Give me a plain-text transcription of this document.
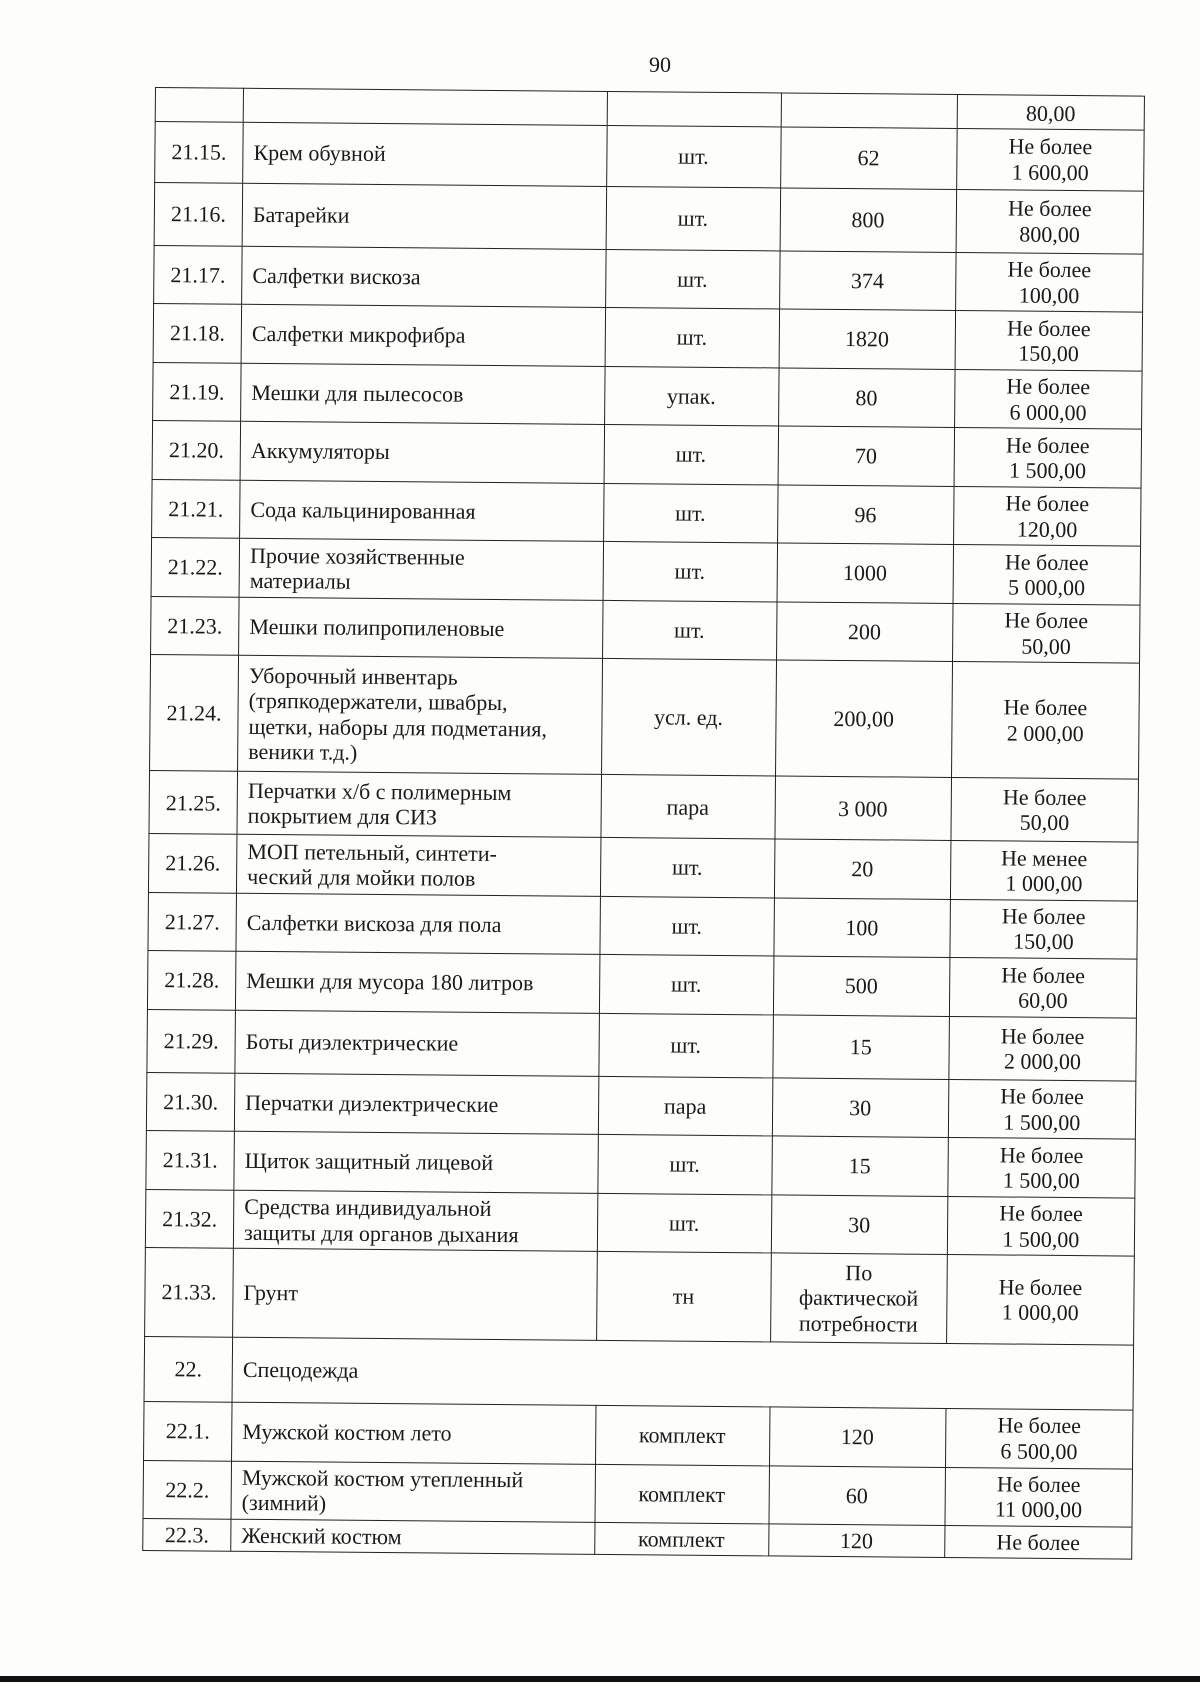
90

				80,00

21.15.	Крем обувной	шт.	62	Не более
1 600,00

21.16.	Батарейки	шт.	800	Не более
800,00

21.17.	Салфетки вискоза	шт.	374	Не более
100,00

21.18.	Салфетки микрофибра	шт.	1820	Не более
150,00

21.19.	Мешки для пылесосов	упак.	80	Не более
6 000,00

21.20.	Аккумуляторы	шт.	70	Не более
1 500,00

21.21.	Сода кальцинированная	шт.	96	Не более
120,00

21.22.	Прочие хозяйственные
материалы	шт.	1000	Не более
5 000,00

21.23.	Мешки полипропиленовые	шт.	200	Не более
50,00

21.24.	Уборочный инвентарь
(тряпкодержатели, швабры,
щетки, наборы для подметания,
веники т.д.)	усл. ед.	200,00	Не более
2 000,00

21.25.	Перчатки х/б с полимерным
покрытием для СИЗ	пара	3 000	Не более
50,00

21.26.	МОП петельный, синтети-
ческий для мойки полов	шт.	20	Не менее
1 000,00

21.27.	Салфетки вискоза для пола	шт.	100	Не более
150,00

21.28.	Мешки для мусора 180 литров	шт.	500	Не более
60,00

21.29.	Боты диэлектрические	шт.	15	Не более
2 000,00

21.30.	Перчатки диэлектрические	пара	30	Не более
1 500,00

21.31.	Щиток защитный лицевой	шт.	15	Не более
1 500,00

21.32.	Средства индивидуальной
защиты для органов дыхания	шт.	30	Не более
1 500,00

21.33.	Грунт	тн	По
фактической
потребности	Не более
1 000,00

22.	Спецодежда			
22.1.	Мужской костюм лето	комплект	120	Не более
6 500,00

22.2.	Мужской костюм утепленный
(зимний)	комплект	60	Не более
11 000,00

22.3.	Женский костюм	комплект	120	Не более
